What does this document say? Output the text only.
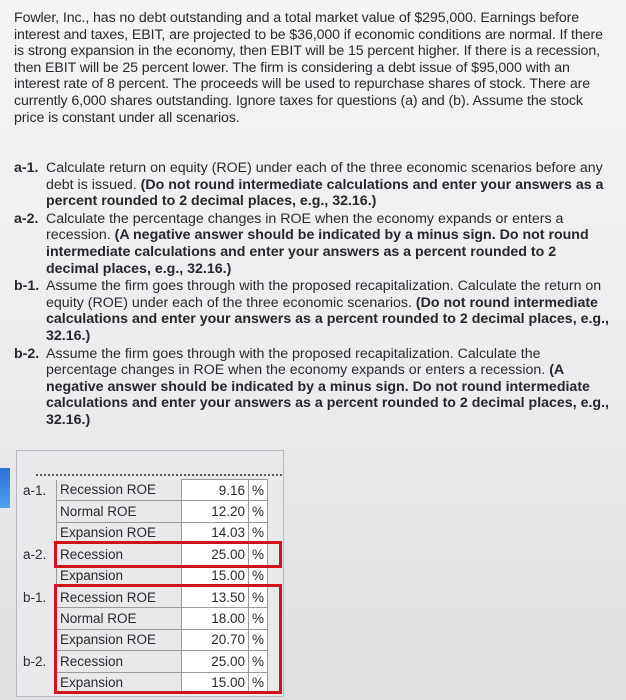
Fowler, Inc., has no debt outstanding and a total market value of $295,000. Earnings before interest and taxes, EBIT, are projected to be $36,000 if economic conditions are normal. If there is strong expansion in the economy, then EBIT will be 15 percent higher. If there is a recession, then EBIT will be 25 percent lower. The firm is considering a debt issue of $95,000 with an interest rate of 8 percent. The proceeds will be used to repurchase shares of stock. There are currently 6,000 shares outstanding. Ignore taxes for questions (a) and (b). Assume the stock price is constant under all scenarios.
a-1. Calculate return on equity (ROE) under each of the three economic scenarios before any debt is issued. (Do not round intermediate calculations and enter your answers as a percent rounded to 2 decimal places, e.g., 32.16.)
a-2. Calculate the percentage changes in ROE when the economy expands or enters a recession. (A negative answer should be indicated by a minus sign. Do not round intermediate calculations and enter your answers as a percent rounded to 2 decimal places, e.g., 32.16.)
b-1. Assume the firm goes through with the proposed recapitalization. Calculate the return on equity (ROE) under each of the three economic scenarios. (Do not round intermediate calculations and enter your answers as a percent rounded to 2 decimal places, e.g., 32.16.)
b-2. Assume the firm goes through with the proposed recapitalization. Calculate the percentage changes in ROE when the economy expands or enters a recession. (A negative answer should be indicated by a minus sign. Do not round intermediate calculations and enter your answers as a percent rounded to 2 decimal places, e.g., 32.16.)
a-1.	Recession ROE	9.16	%
	Normal ROE	12.20	%
	Expansion ROE	14.03	%
a-2.	Recession	25.00	%
	Expansion	15.00	%
b-1.	Recession ROE	13.50	%
	Normal ROE	18.00	%
	Expansion ROE	20.70	%
b-2.	Recession	25.00	%
	Expansion	15.00	%
